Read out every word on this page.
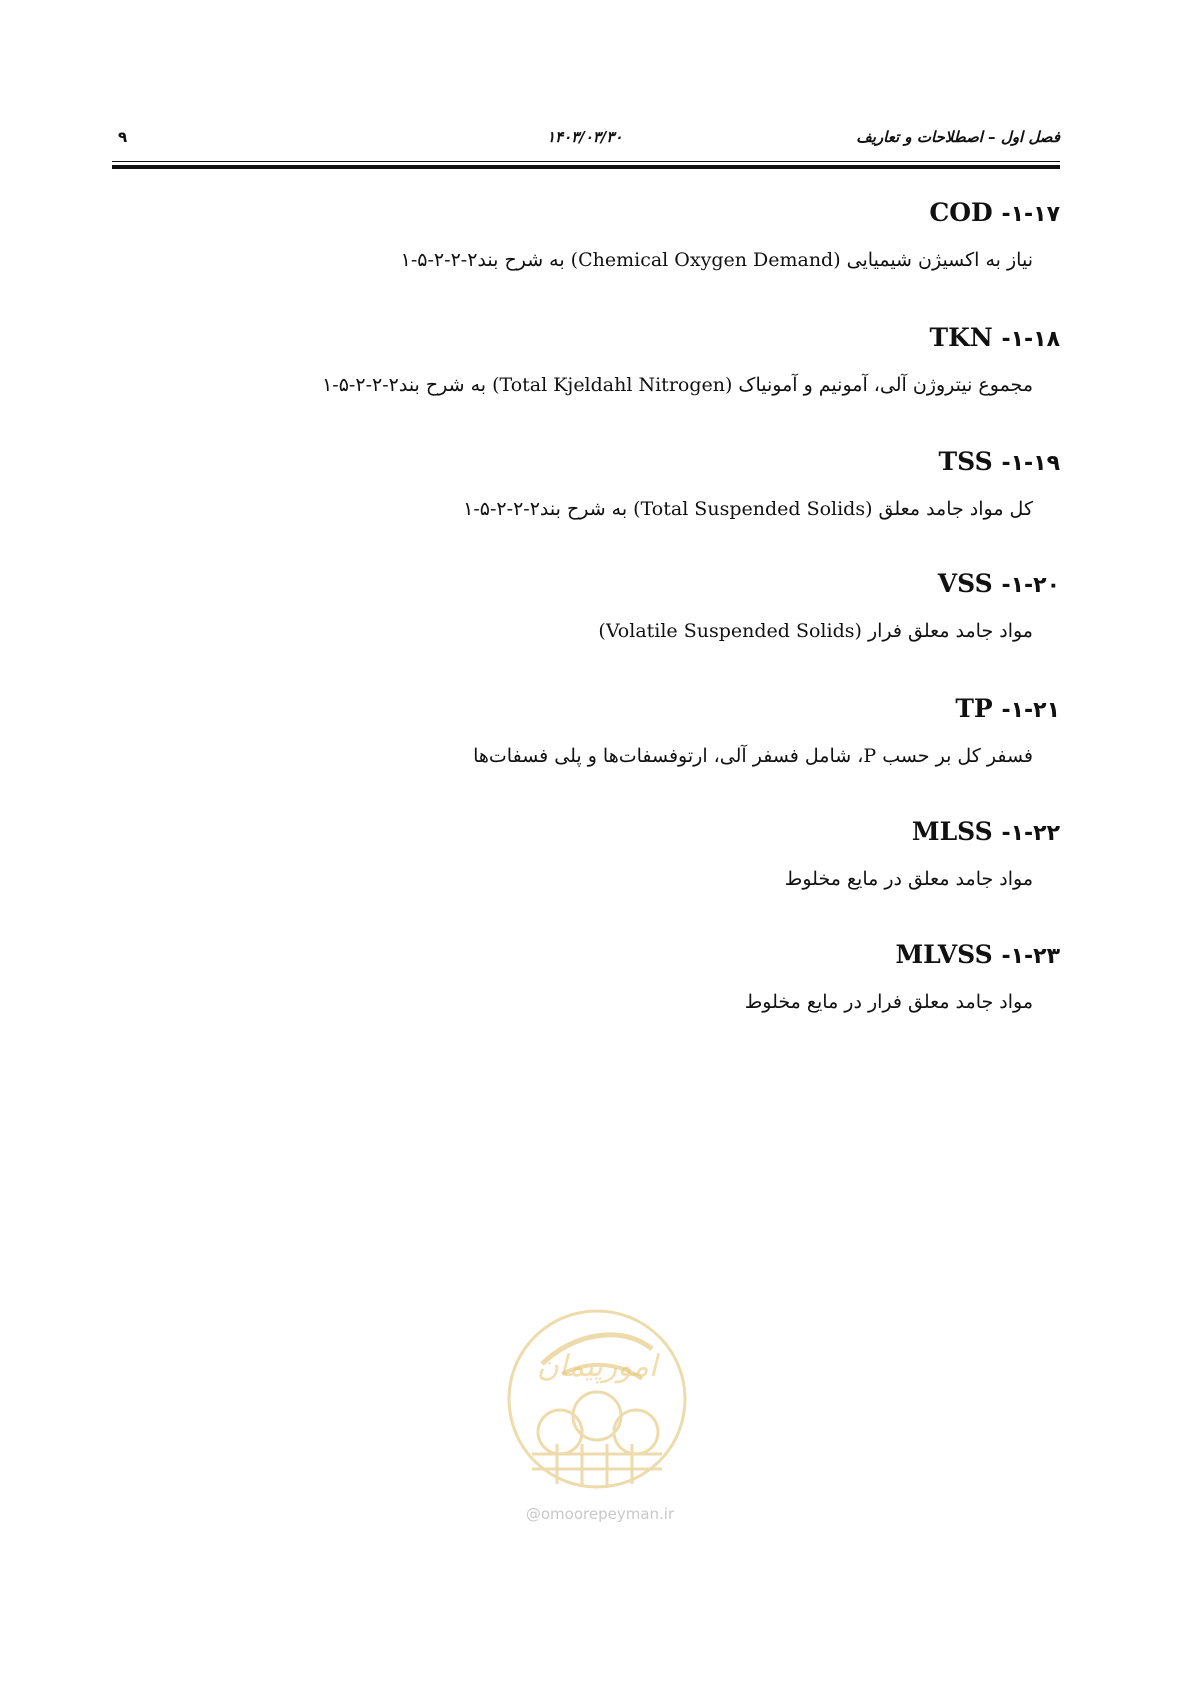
فصل اول – اصطلاحات و تعاریف
۱۴۰۳/۰۳/۳۰
۹
۱-۱۷- COD
نیاز به اکسیژن شیمیایی (Chemical Oxygen Demand) به شرح بند۲-۲-۲-۵-۱
۱-۱۸- TKN
مجموع نیتروژن آلی، آمونیم و آمونیاک (Total Kjeldahl Nitrogen) به شرح بند۲-۲-۲-۵-۱
۱-۱۹- TSS
کل مواد جامد معلق (Total Suspended Solids) به شرح بند۲-۲-۲-۵-۱
۱-۲۰- VSS
مواد جامد معلق فرار (Volatile Suspended Solids)
۱-۲۱- TP
فسفر کل بر حسب P، شامل فسفر آلی، ارتوفسفات‌ها و پلی فسفات‌ها
۱-۲۲- MLSS
مواد جامد معلق در مایع مخلوط
۱-۲۳- MLVSS
مواد جامد معلق فرار در مایع مخلوط
امورپیمان
@omoorepeyman.ir
